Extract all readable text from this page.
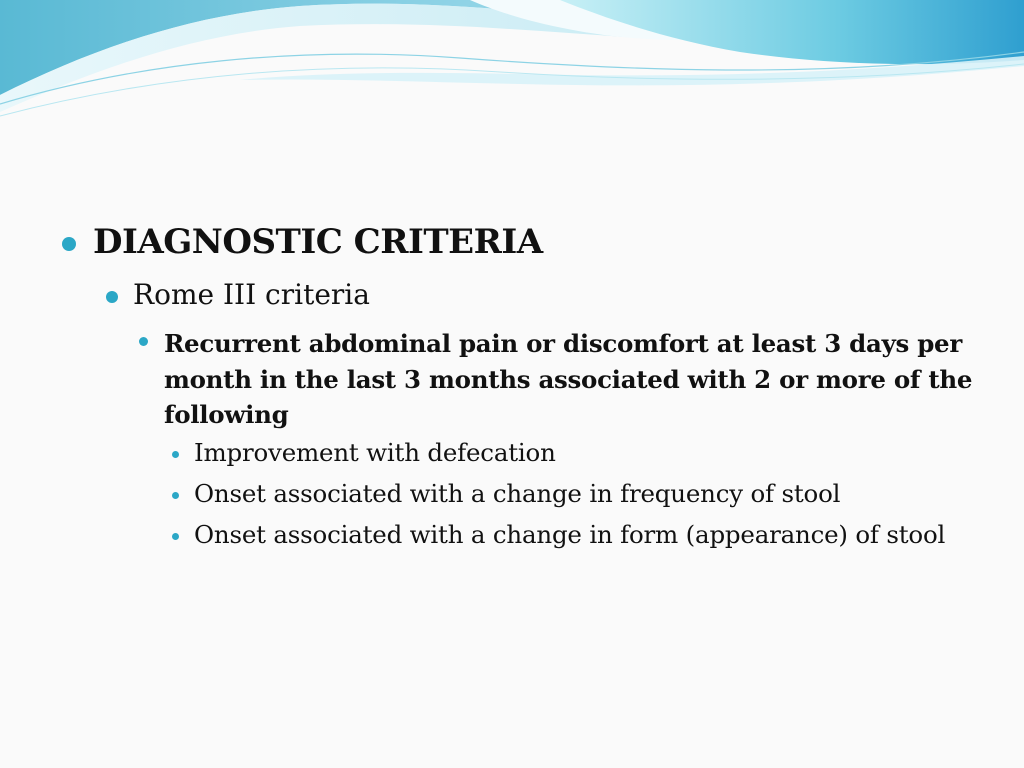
DIAGNOSTIC CRITERIA
Rome III criteria
Recurrent abdominal pain or discomfort at least 3 days per month in the last 3 months associated with 2 or more of the following
Improvement with defecation
Onset associated with a change in frequency of stool
Onset associated with a change in form (appearance) of stool
